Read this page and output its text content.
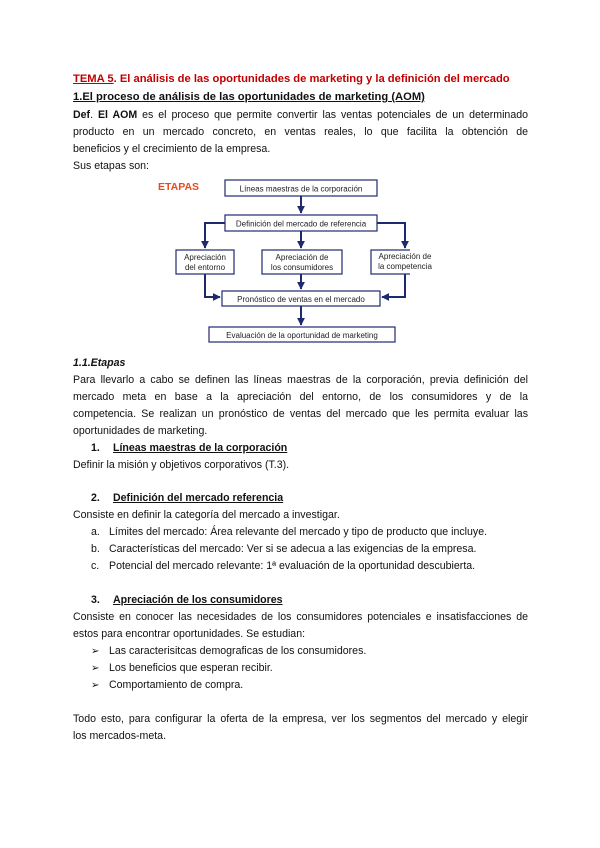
TEMA 5. El análisis de las oportunidades de marketing y la definición del mercado
1.El proceso de análisis de las oportunidades de marketing (AOM)
Def. El AOM es el proceso que permite convertir las ventas potenciales de un determinado
producto en un mercado concreto, en ventas reales, lo que facilita la obtención de
beneficios y el crecimiento de la empresa.
Sus etapas son:
ETAPAS	Líneas maestras de la corporación
Definición del mercado de referencia
Apreciación
del entorno
Apreciación de
los consumidores
Pronóstico de ventas en el mercado
Evaluación de la oportunidad de marketing
Apreciación de
la competencia
1.1.Etapas
Para llevarlo a cabo se definen las líneas maestras de la corporación, previa definición del
mercado meta en base a la apreciación del entorno, de los consumidores y de la
competencia. Se realizan un pronóstico de ventas del mercado que les permita evaluar las
oportunidades de marketing.
1. Líneas maestras de la corporación
Definir la misión y objetivos corporativos (T.3).
2. Definición del mercado referencia
Consiste en definir la categoría del mercado a investigar.
a. Límites del mercado: Área relevante del mercado y tipo de producto que incluye.
b. Características del mercado: Ver si se adecua a las exigencias de la empresa.
c. Potencial del mercado relevante: 1ª evaluación de la oportunidad descubierta.
3. Apreciación de los consumidores
Consiste en conocer las necesidades de los consumidores potenciales e insatisfacciones de
estos para encontrar oportunidades. Se estudian:
➢ Las caracterisitcas demograficas de los consumidores.
➢ Los beneficios que esperan recibir.
➢ Comportamiento de compra.
Todo esto, para configurar la oferta de la empresa, ver los segmentos del mercado y elegir
los mercados-meta.
